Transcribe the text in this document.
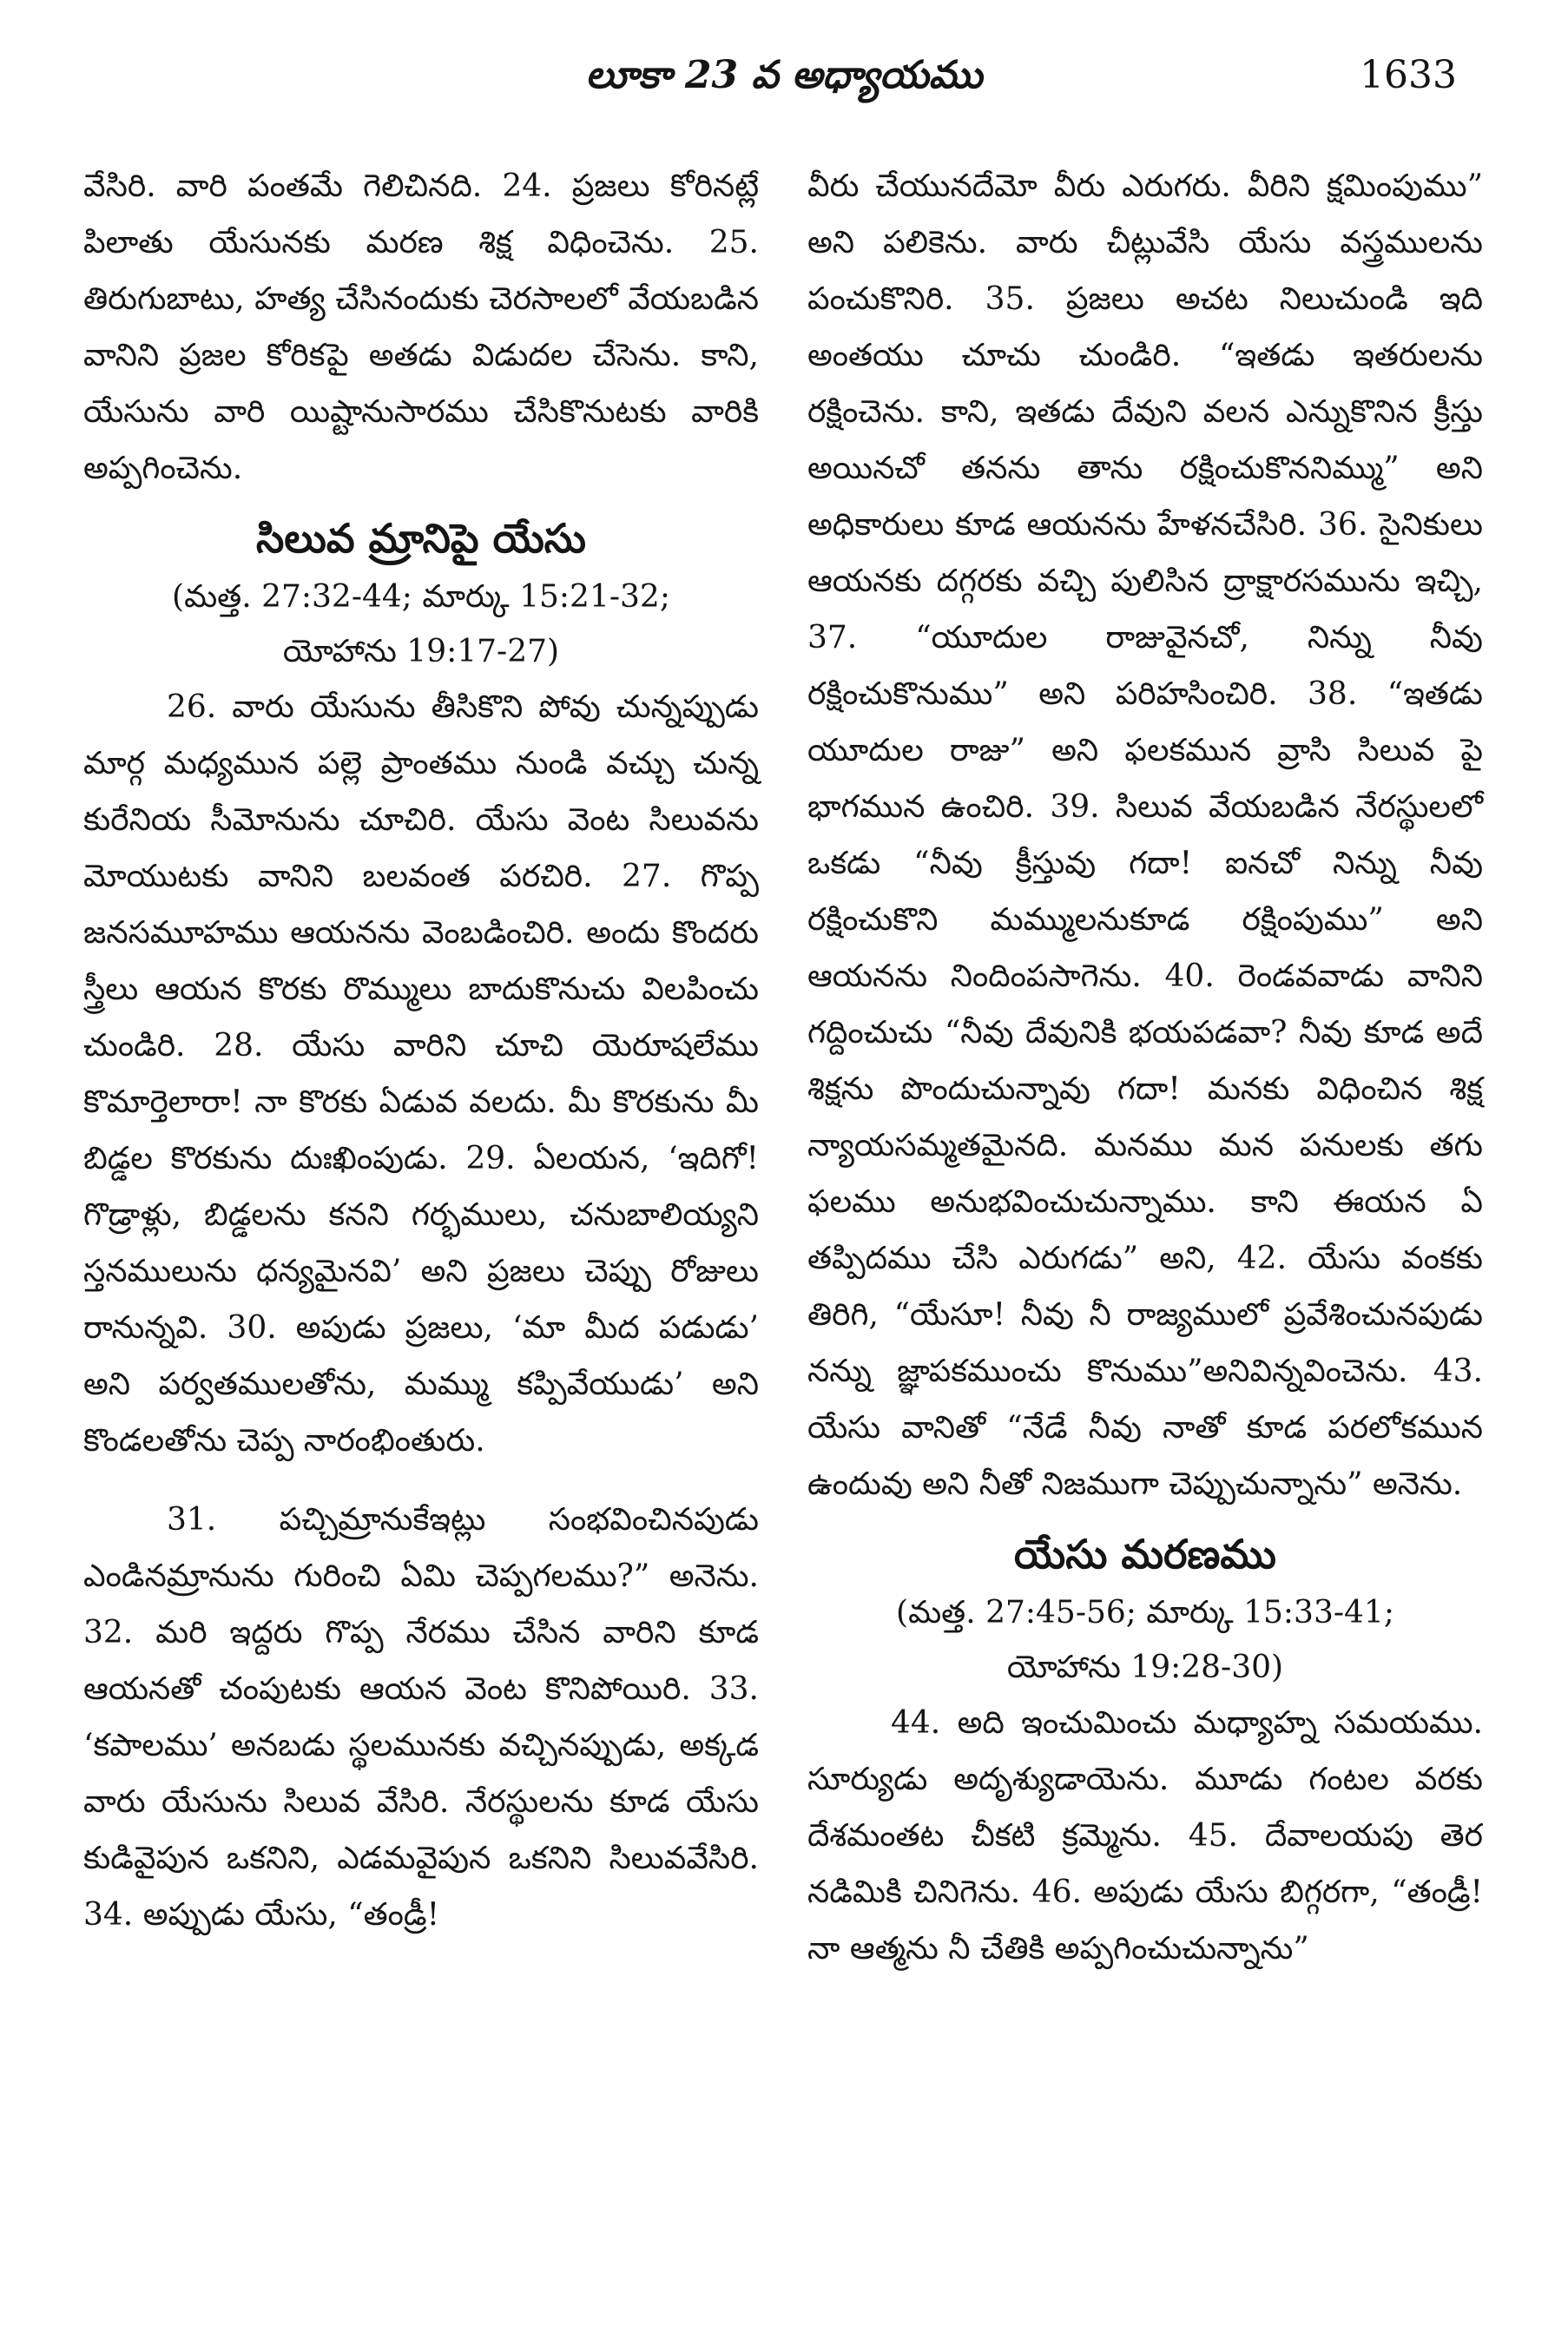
లూకా 23 వ అధ్యాయము	1633

వేసిరి. వారి పంతమే గెలిచినది. 24. ప్రజలు కోరినట్లే పిలాతు యేసునకు మరణ శిక్ష విధించెను. 25. తిరుగుబాటు, హత్య చేసినందుకు చెరసాలలో వేయబడిన వానిని ప్రజల కోరికపై అతడు విడుదల చేసెను. కాని, యేసును వారి యిష్టానుసారము చేసికొనుటకు వారికి అప్పగించెను.

సిలువ మ్రానిపై యేసు

(మత్త. 27:32-44; మార్కు 15:21-32;
యోహాను 19:17-27)

26. వారు యేసును తీసికొని పోవు చున్నప్పుడు మార్గ మధ్యమున పల్లె ప్రాంతము నుండి వచ్చు చున్న కురేనియ సీమోనును చూచిరి. యేసు వెంట సిలువను మోయుటకు వానిని బలవంత పరచిరి. 27. గొప్ప జనసమూహము ఆయనను వెంబడించిరి. అందు కొందరు స్త్రీలు ఆయన కొరకు రొమ్ములు బాదుకొనుచు విలపించు చుండిరి. 28. యేసు వారిని చూచి యెరూషలేము కొమార్తెలారా! నా కొరకు ఏడువ వలదు. మీ కొరకును మీ బిడ్డల కొరకును దుఃఖింపుడు. 29. ఏలయన, ‘ఇదిగో! గొడ్రాళ్లు, బిడ్డలను కనని గర్భములు, చనుబాలియ్యని స్తనములును ధన్యమైనవి’ అని ప్రజలు చెప్పు రోజులు రానున్నవి. 30. అపుడు ప్రజలు, ‘మా మీద పడుడు’ అని పర్వతములతోను, మమ్ము కప్పివేయుడు’ అని కొండలతోను చెప్ప నారంభింతురు.

31. పచ్చిమ్రానుకేఇట్లు సంభవించినపుడు ఎండినమ్రానును గురించి ఏమి చెప్పగలము?” అనెను. 32. మరి ఇద్దరు గొప్ప నేరము చేసిన వారిని కూడ ఆయనతో చంపుటకు ఆయన వెంట కొనిపోయిరి. 33. ‘కపాలము’ అనబడు స్థలమునకు వచ్చినప్పుడు, అక్కడ వారు యేసును సిలువ వేసిరి. నేరస్థులను కూడ యేసు కుడివైపున ఒకనిని, ఎడమవైపున ఒకనిని సిలువవేసిరి. 34. అప్పుడు యేసు, “తండ్రీ!

వీరు చేయునదేమో వీరు ఎరుగరు. వీరిని క్షమింపుము” అని పలికెను. వారు చీట్లువేసి యేసు వస్త్రములను పంచుకొనిరి. 35. ప్రజలు అచట నిలుచుండి ఇది అంతయు చూచు చుండిరి. “ఇతడు ఇతరులను రక్షించెను. కాని, ఇతడు దేవుని వలన ఎన్నుకొనిన క్రీస్తు అయినచో తనను తాను రక్షించుకొననిమ్ము” అని అధికారులు కూడ ఆయనను హేళనచేసిరి. 36. సైనికులు ఆయనకు దగ్గరకు వచ్చి పులిసిన ద్రాక్షారసమును ఇచ్చి, 37. “యూదుల రాజువైనచో, నిన్ను నీవు రక్షించుకొనుము” అని పరిహసించిరి. 38. “ఇతడు యూదుల రాజు” అని ఫలకమున వ్రాసి సిలువ పై భాగమున ఉంచిరి. 39. సిలువ వేయబడిన నేరస్థులలో ఒకడు “నీవు క్రీస్తువు గదా! ఐనచో నిన్ను నీవు రక్షించుకొని మమ్ములనుకూడ రక్షింపుము” అని ఆయనను నిందింపసాగెను. 40. రెండవవాడు వానిని గద్దించుచు “నీవు దేవునికి భయపడవా? నీవు కూడ అదే శిక్షను పొందుచున్నావు గదా! మనకు విధించిన శిక్ష న్యాయసమ్మతమైనది. మనము మన పనులకు తగు ఫలము అనుభవించుచున్నాము. కాని ఈయన ఏ తప్పిదము చేసి ఎరుగడు” అని, 42. యేసు వంకకు తిరిగి, “యేసూ! నీవు నీ రాజ్యములో ప్రవేశించునపుడు నన్ను జ్ఞాపకముంచు కొనుము”అనివిన్నవించెను. 43. యేసు వానితో “నేడే నీవు నాతో కూడ పరలోకమున ఉందువు అని నీతో నిజముగా చెప్పుచున్నాను” అనెను.

యేసు మరణము

(మత్త. 27:45-56; మార్కు 15:33-41;
యోహాను 19:28-30)

44. అది ఇంచుమించు మధ్యాహ్న సమయము. సూర్యుడు అదృశ్యుడాయెను. మూడు గంటల వరకు దేశమంతట చీకటి క్రమ్మెను. 45. దేవాలయపు తెర నడిమికి చినిగెను. 46. అపుడు యేసు బిగ్గరగా, “తండ్రీ! నా ఆత్మను నీ చేతికి అప్పగించుచున్నాను”
